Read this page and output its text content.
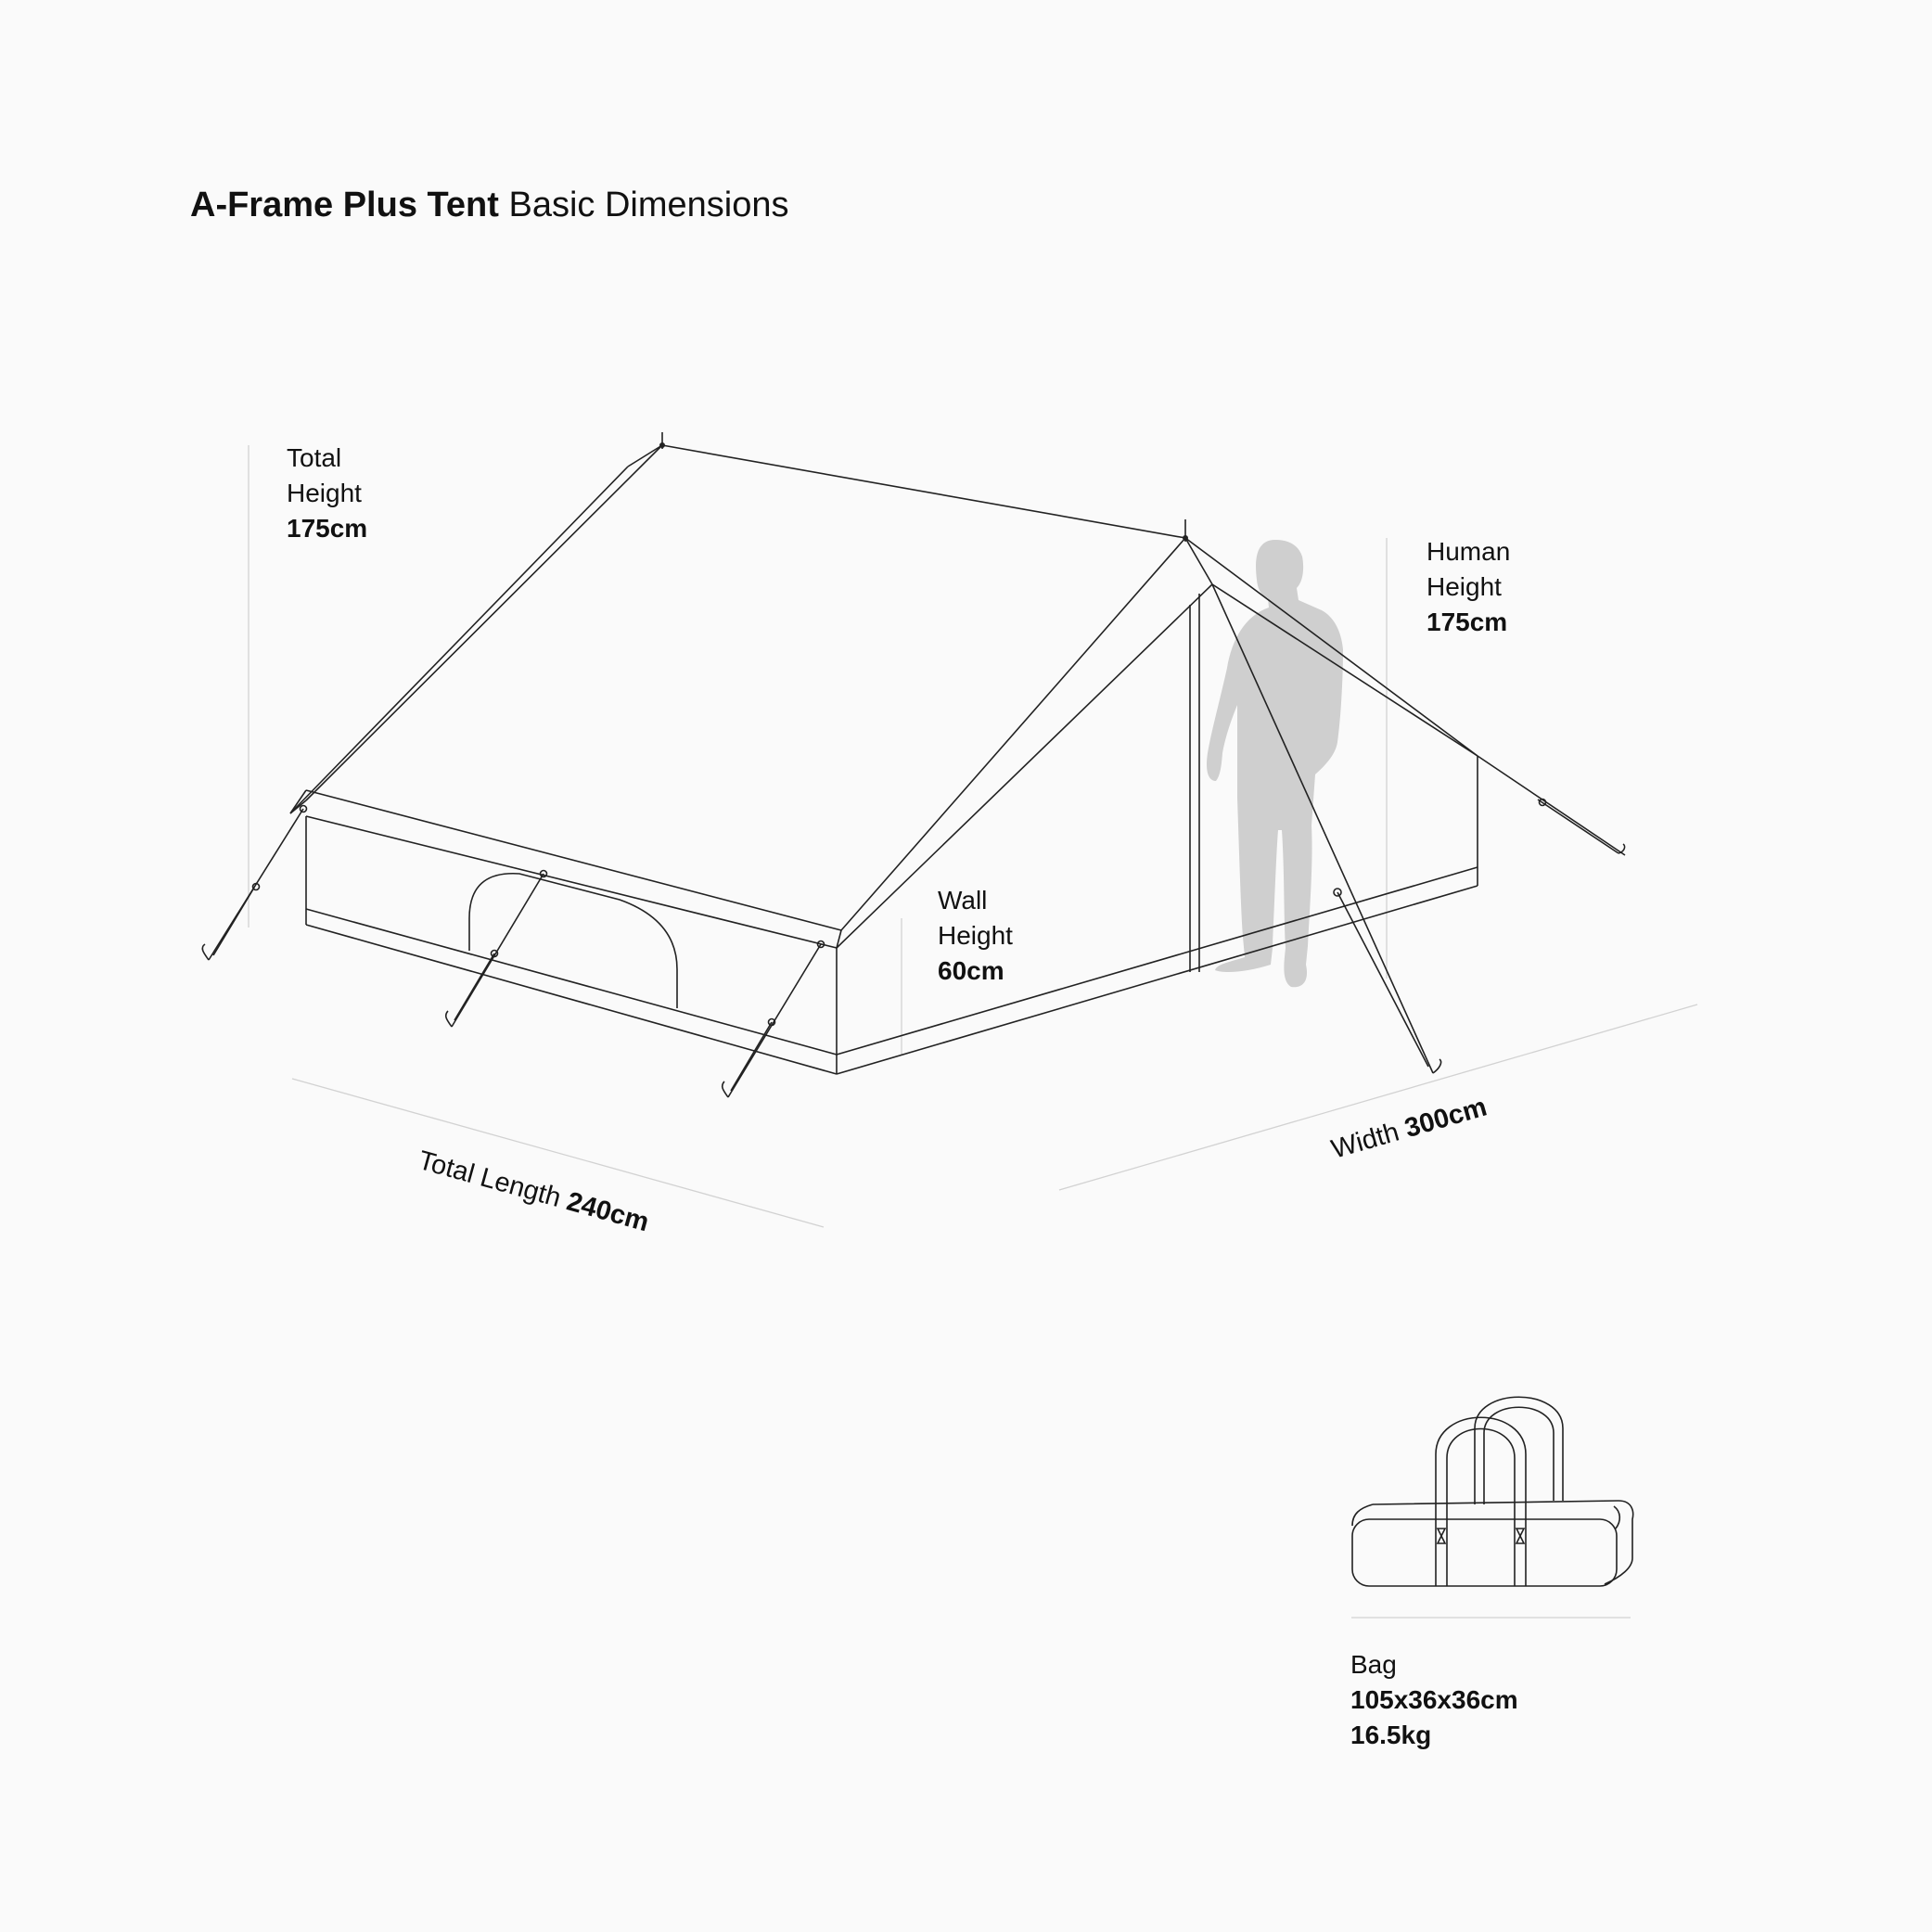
A-Frame Plus Tent Basic Dimensions
Total
Height
175cm
Human
Height
175cm
Wall
Height
60cm
Total Length 240cm
Width 300cm
Bag
105x36x36cm
16.5kg
